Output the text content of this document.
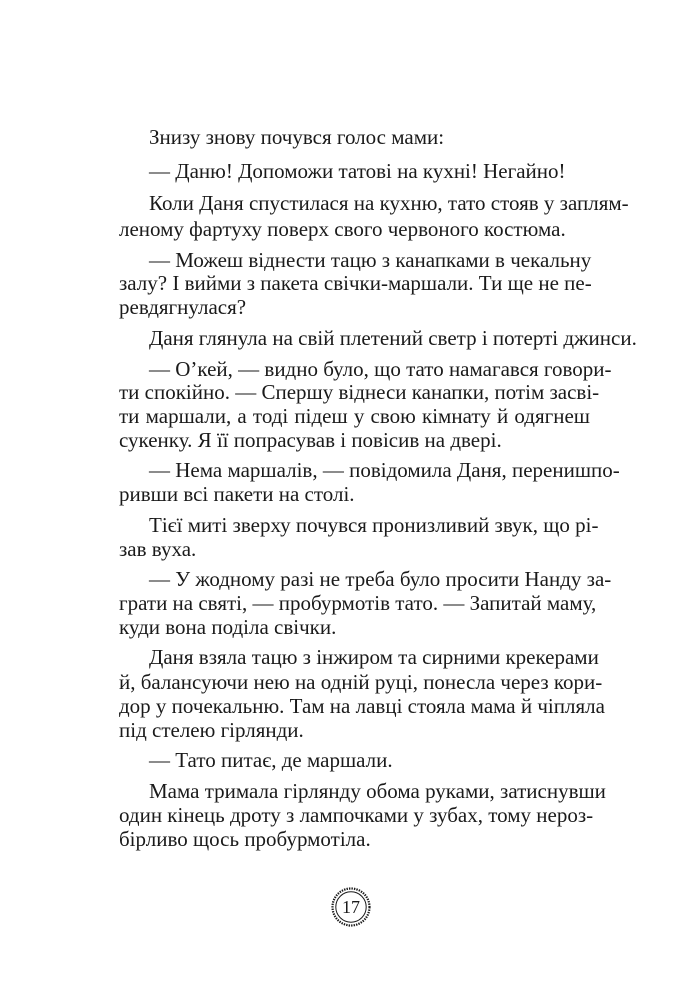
Знизу знову почувся голос мами:
— Даню! Допоможи татові на кухні! Негайно!
Коли Даня спустилася на кухню, тато стояв у заплям-
леному фартуху поверх свого червоного костюма.
— Можеш віднести тацю з канапками в чекальну
залу? І вийми з пакета свічки-маршали. Ти ще не пе-
ревдягнулася?
Даня глянула на свій плетений светр і потерті джинси.
— О’кей, — видно було, що тато намагався говори-
ти спокійно. — Спершу віднеси канапки, потім засві-
ти маршали, а тоді підеш у свою кімнату й одягнеш
сукенку. Я її попрасував і повісив на двері.
— Нема маршалів, — повідомила Даня, перенишпо-
ривши всі пакети на столі.
Тієї миті зверху почувся пронизливий звук, що рі-
зав вуха.
— У жодному разі не треба було просити Нанду за-
грати на святі, — пробурмотів тато. — Запитай маму,
куди вона поділа свічки.
Даня взяла тацю з інжиром та сирними крекерами
й, балансуючи нею на одній руці, понесла через кори-
дор у почекальню. Там на лавці стояла мама й чіпляла
під стелею гірлянди.
— Тато питає, де маршали.
Мама тримала гірлянду обома руками, затиснувши
один кінець дроту з лампочками у зубах, тому нероз-
бірливо щось пробурмотіла.
17
